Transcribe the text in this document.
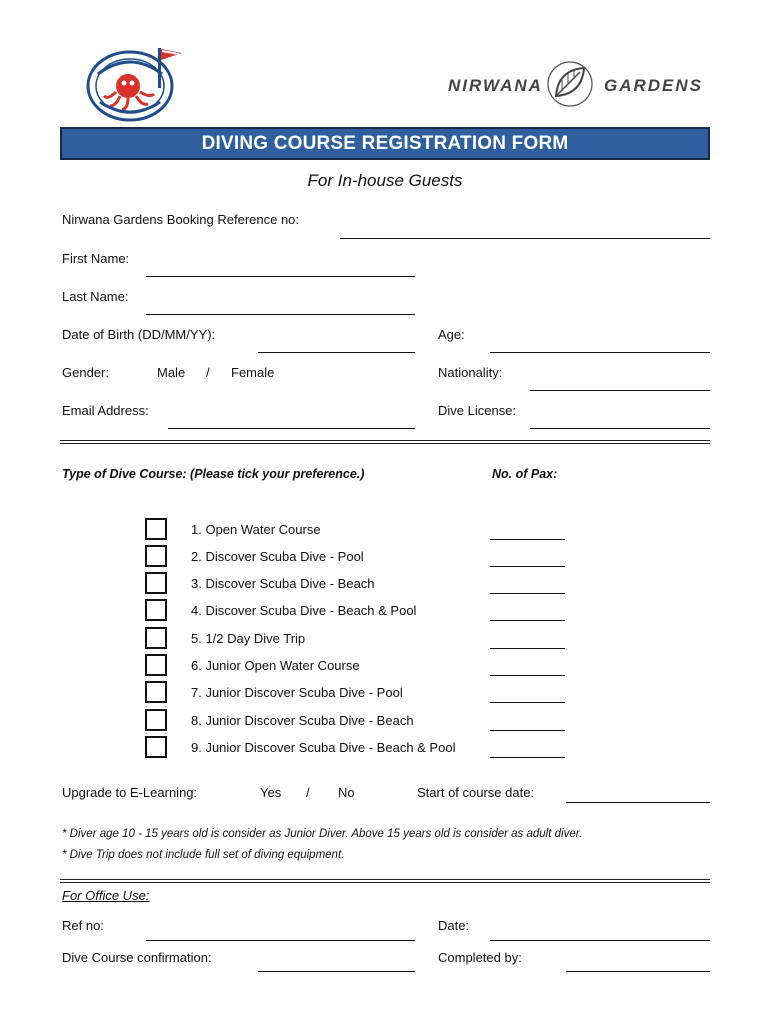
NIRWANA	GARDENS
DIVING COURSE REGISTRATION FORM
For In-house Guests
Nirwana Gardens Booking Reference no:
First Name:
Last Name:
Date of Birth (DD/MM/YY):	Age:
Gender:	Male / Female	Nationality:
Email Address:	Dive License:
Type of Dive Course: (Please tick your preference.)	No. of Pax:
1. Open Water Course
2. Discover Scuba Dive - Pool
3. Discover Scuba Dive - Beach
4. Discover Scuba Dive - Beach & Pool
5. 1/2 Day Dive Trip
6. Junior Open Water Course
7. Junior Discover Scuba Dive - Pool
8. Junior Discover Scuba Dive - Beach
9. Junior Discover Scuba Dive - Beach & Pool
Upgrade to E-Learning:	Yes / No	Start of course date:
* Diver age 10 - 15 years old is consider as Junior Diver. Above 15 years old is consider as adult diver.
* Dive Trip does not include full set of diving equipment.
For Office Use:
Ref no:	Date:
Dive Course confirmation:	Completed by:
